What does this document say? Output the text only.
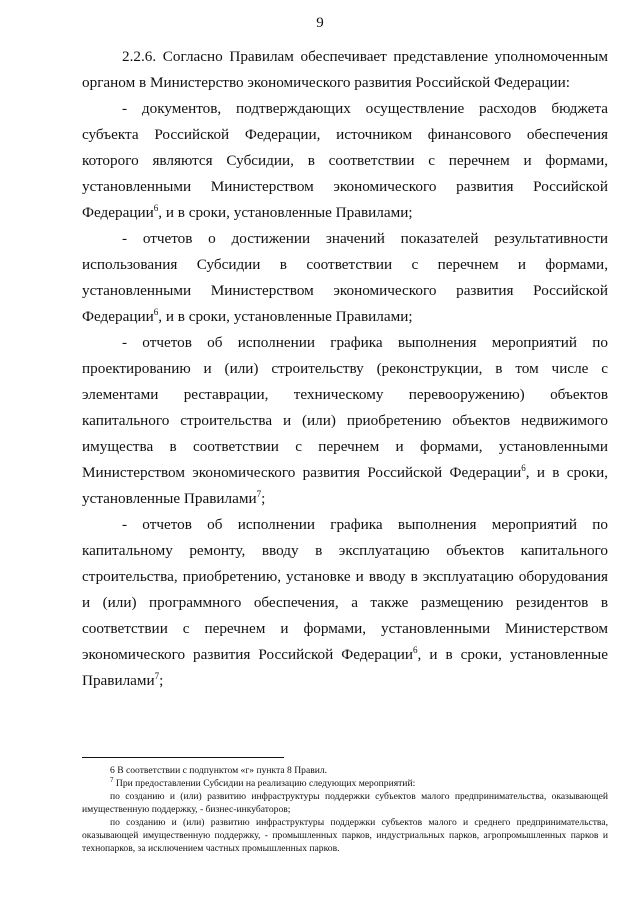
9

2.2.6. Согласно Правилам обеспечивает представление уполномоченным органом в Министерство экономического развития Российской Федерации:

- документов, подтверждающих осуществление расходов бюджета субъекта Российской Федерации, источником финансового обеспечения которого являются Субсидии, в соответствии с перечнем и формами, установленными Министерством экономического развития Российской Федерации$^6$, и в сроки, установленные Правилами;

- отчетов о достижении значений показателей результативности использования Субсидии в соответствии с перечнем и формами, установленными Министерством экономического развития Российской Федерации$^6$, и в сроки, установленные Правилами;

- отчетов об исполнении графика выполнения мероприятий по проектированию и (или) строительству (реконструкции, в том числе с элементами реставрации, техническому перевооружению) объектов капитального строительства и (или) приобретению объектов недвижимого имущества в соответствии с перечнем и формами, установленными Министерством экономического развития Российской Федерации$^6$, и в сроки, установленные Правилами$^7$;

- отчетов об исполнении графика выполнения мероприятий по капитальному ремонту, вводу в эксплуатацию объектов капитального строительства, приобретению, установке и вводу в эксплуатацию оборудования и (или) программного обеспечения, а также размещению резидентов в соответствии с перечнем и формами, установленными Министерством экономического развития Российской Федерации$^6$, и в сроки, установленные Правилами$^7$;

6 В соответствии с подпунктом «г» пункта 8 Правил.

$^7$ При предоставлении Субсидии на реализацию следующих мероприятий:

по созданию и (или) развитию инфраструктуры поддержки субъектов малого предпринимательства, оказывающей имущественную поддержку, - бизнес-инкубаторов;

по созданию и (или) развитию инфраструктуры поддержки субъектов малого и среднего предпринимательства, оказывающей имущественную поддержку, - промышленных парков, индустриальных парков, агропромышленных парков и технопарков, за исключением частных промышленных парков.
